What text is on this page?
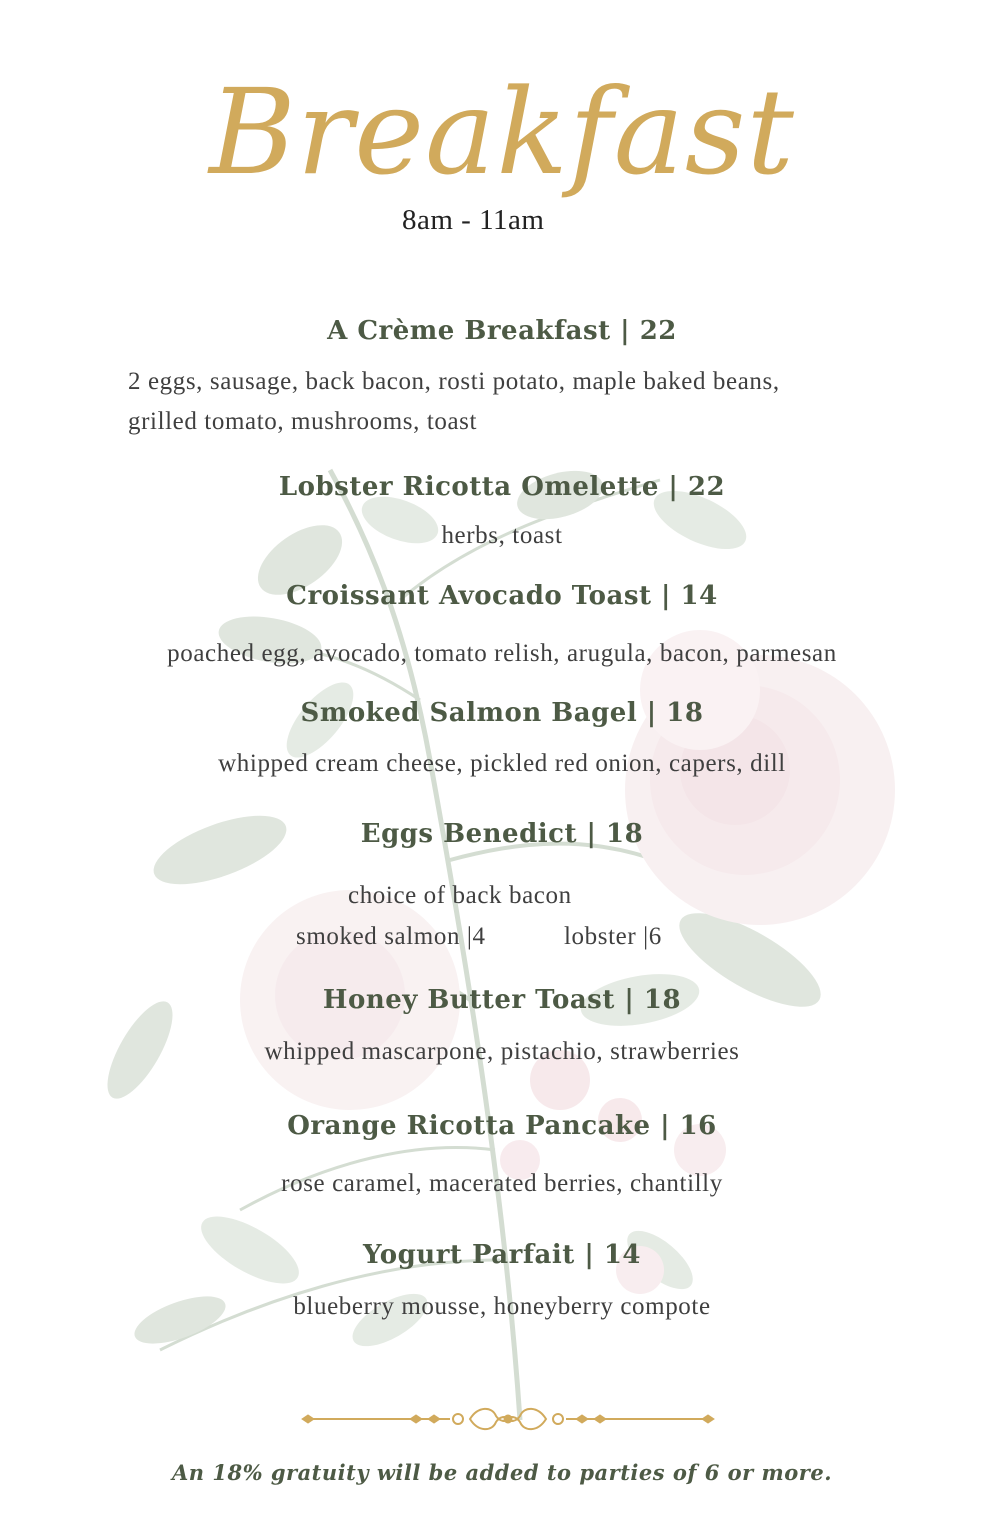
Breakfast
8am - 11am
A Crème Breakfast | 22
2 eggs, sausage, back bacon, rosti potato, maple baked beans,
grilled tomato, mushrooms, toast
Lobster Ricotta Omelette | 22
herbs, toast
Croissant Avocado Toast | 14
poached egg, avocado, tomato relish, arugula, bacon, parmesan
Smoked Salmon Bagel | 18
whipped cream cheese, pickled red onion, capers, dill
Eggs Benedict | 18
choice of back bacon
smoked salmon |4	lobster |6
Honey Butter Toast | 18
whipped mascarpone, pistachio, strawberries
Orange Ricotta Pancake | 16
rose caramel, macerated berries, chantilly
Yogurt Parfait | 14
blueberry mousse, honeyberry compote
An 18% gratuity will be added to parties of 6 or more.
